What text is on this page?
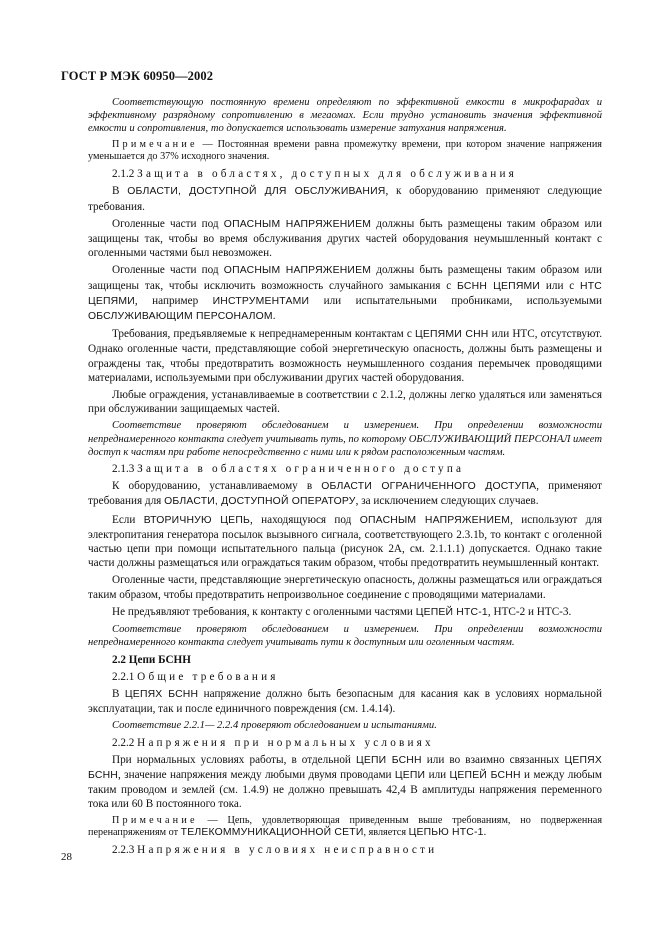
ГОСТ Р МЭК 60950—2002

Соответствующую постоянную времени определяют по эффективной емкости в микрофарадах и эффективному разрядному сопротивлению в мегаомах. Если трудно установить значения эффективной емкости и сопротивления, то допускается использовать измерение затухания напряжения.

Примечание — Постоянная времени равна промежутку времени, при котором значение напряжения уменьшается до 37% исходного значения.

2.1.2 Защита в областях, доступных для обслуживания

В ОБЛАСТИ, ДОСТУПНОЙ ДЛЯ ОБСЛУЖИВАНИЯ, к оборудованию применяют следующие требования.

Оголенные части под ОПАСНЫМ НАПРЯЖЕНИЕМ должны быть размещены таким образом или защищены так, чтобы во время обслуживания других частей оборудования неумышленный контакт с оголенными частями был невозможен.

Оголенные части под ОПАСНЫМ НАПРЯЖЕНИЕМ должны быть размещены таким образом или защищены так, чтобы исключить возможность случайного замыкания с БСНН ЦЕПЯМИ или с НТС ЦЕПЯМИ, например ИНСТРУМЕНТАМИ или испытательными пробниками, используемыми ОБСЛУЖИВАЮЩИМ ПЕРСОНАЛОМ.

Требования, предъявляемые к непреднамеренным контактам с ЦЕПЯМИ СНН или НТС, отсутствуют. Однако оголенные части, представляющие собой энергетическую опасность, должны быть размещены и ограждены так, чтобы предотвратить возможность неумышленного создания перемычек проводящими материалами, используемыми при обслуживании других частей оборудования.

Любые ограждения, устанавливаемые в соответствии с 2.1.2, должны легко удаляться или заменяться при обслуживании защищаемых частей.

Соответствие проверяют обследованием и измерением. При определении возможности непреднамеренного контакта следует учитывать путь, по которому ОБСЛУЖИВАЮЩИЙ ПЕРСОНАЛ имеет доступ к частям при работе непосредственно с ними или к рядом расположенным частям.

2.1.3 Защита в областях ограниченного доступа

К оборудованию, устанавливаемому в ОБЛАСТИ ОГРАНИЧЕННОГО ДОСТУПА, применяют требования для ОБЛАСТИ, ДОСТУПНОЙ ОПЕРАТОРУ, за исключением следующих случаев.

Если ВТОРИЧНУЮ ЦЕПЬ, находящуюся под ОПАСНЫМ НАПРЯЖЕНИЕМ, используют для электропитания генератора посылок вызывного сигнала, соответствующего 2.3.1b, то контакт с оголенной частью цепи при помощи испытательного пальца (рисунок 2А, см. 2.1.1.1) допускается. Однако такие части должны размещаться или ограждаться таким образом, чтобы предотвратить неумышленный контакт.

Оголенные части, представляющие энергетическую опасность, должны размещаться или ограждаться таким образом, чтобы предотвратить непроизвольное соединение с проводящими материалами.

Не предъявляют требования, к контакту с оголенными частями ЦЕПЕЙ НТС-1, НТС-2 и НТС-3.

Соответствие проверяют обследованием и измерением. При определении возможности непреднамеренного контакта следует учитывать пути к доступным или оголенным частям.

2.2 Цепи БСНН

2.2.1 Общие требования

В ЦЕПЯХ БСНН напряжение должно быть безопасным для касания как в условиях нормальной эксплуатации, так и после единичного повреждения (см. 1.4.14).

Соответствие 2.2.1— 2.2.4 проверяют обследованием и испытаниями.

2.2.2 Напряжения при нормальных условиях

При нормальных условиях работы, в отдельной ЦЕПИ БСНН или во взаимно связанных ЦЕПЯХ БСНН, значение напряжения между любыми двумя проводами ЦЕПИ или ЦЕПЕЙ БСНН и между любым таким проводом и землей (см. 1.4.9) не должно превышать 42,4 В амплитуды напряжения переменного тока или 60 В постоянного тока.

Примечание — Цепь, удовлетворяющая приведенным выше требованиям, но подверженная перенапряжениям от ТЕЛЕКОММУНИКАЦИОННОЙ СЕТИ, является ЦЕПЬЮ НТС-1.

2.2.3 Напряжения в условиях неисправности

28
